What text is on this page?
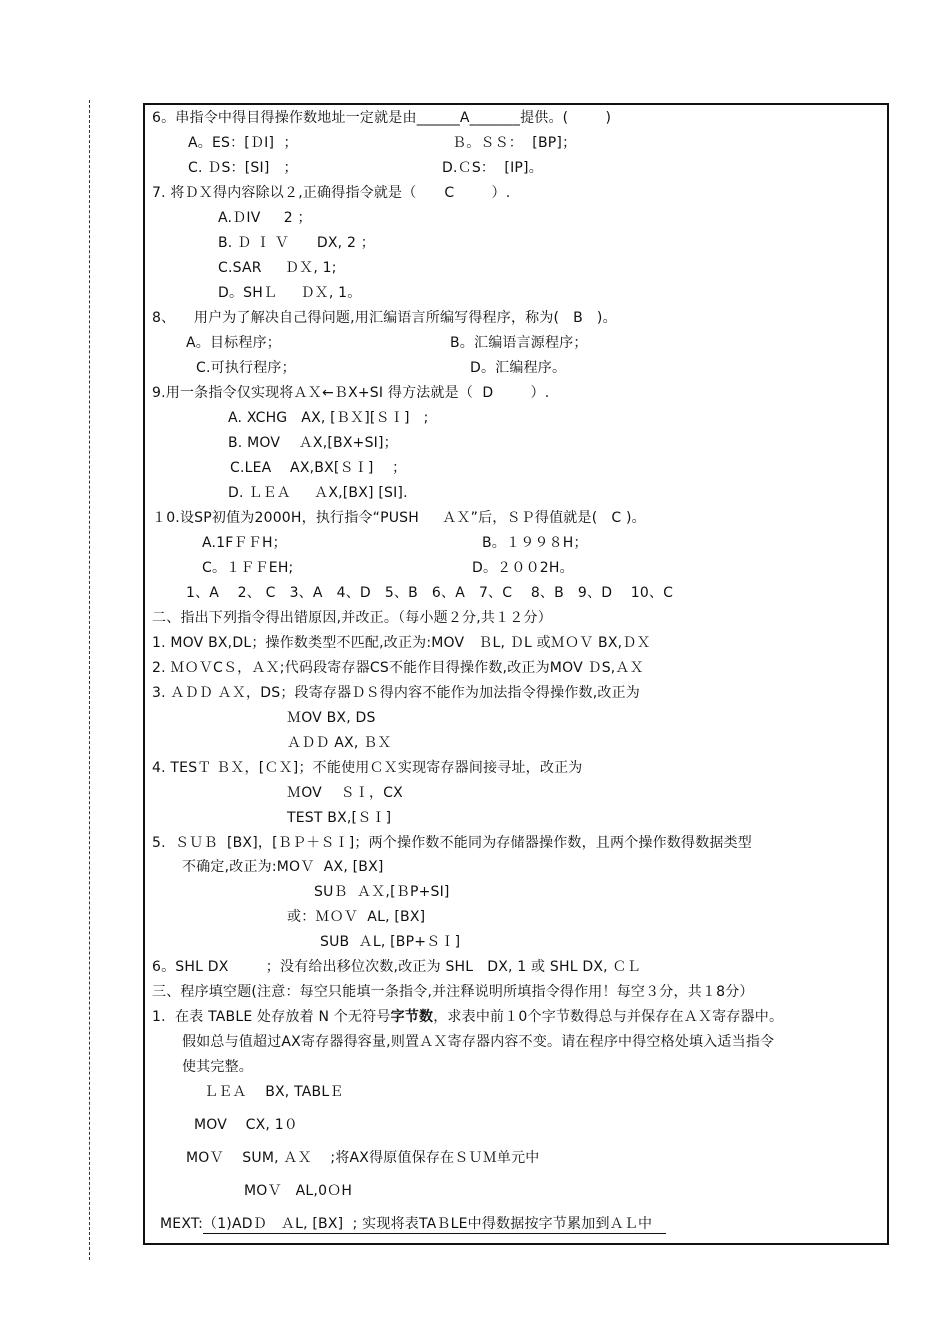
6。串指令中得目得操作数地址一定就是由______A_______提供。(        )
A。ES：[ＤI]  ；	Ｂ。ＳＳ：  [BP]；
C. ＤS：[SI]   ；	D.ＣS：  [IP]。
7. 将ＤＸ得内容除以２,正确得指令就是（      C        ）.
A.ＤIV     2 ；
B. Ｄ Ｉ Ｖ      DX, 2 ；
C.SAR     ＤＸ, 1;
D。SHＬ     ＤＸ, 1。
8、    用户为了解决自己得问题,用汇编语言所编写得程序，称为(   B   )。
A。目标程序；	B。汇编语言源程序；
C.可执行程序；	D。汇编程序。
9.用一条指令仅实现将ＡＸ←ＢX+SI 得方法就是（  D        ）.
A. XCHG   AX, [ＢＸ][ＳＩ]   ;
B. MOV    ＡX,[BX+SI]；
C.LEA    AX,BX[ＳＩ]    ；
D. ＬＥＡ     ＡX,[BX] [SI].
１0.设SP初值为2000H，执行指令“PUSH     ＡＸ”后，ＳＰ得值就是(   C )。
A.1FＦＦH；	B。１９９８H；
C。１ＦＦEH;	D。２００2H。
1、A    2、 C   3、A   4、D   5、B   6、A   7、C    8、B   9、D    10、C
二、指出下列指令得出错原因,并改正。（每小题２分,共１２分）
1. MOV BX,DL；操作数类型不匹配,改正为:MOV   ＢL, ＤL 或ＭＯＶ BX,ＤＸ
2. ＭＯＶCＳ，ＡＸ;代码段寄存器CS不能作目得操作数,改正为MOV ＤS,ＡＸ
3. ＡＤＤ ＡＸ，DS；段寄存器ＤＳ得内容不能作为加法指令得操作数,改正为
ＭOV BX, DS
ＡＤＤ AX, ＢＸ
4. TESＴ ＢＸ，[ＣＸ]；不能使用ＣＸ实现寄存器间接寻址，改正为
ＭOV    ＳＩ，CX
TEST BX,[ＳＩ]
5.  ＳＵＢ  [BX]，[ＢＰ＋ＳＩ]；两个操作数不能同为存储器操作数，且两个操作数得数据类型
不确定,改正为:MOＶ  AX, [BX]
SUＢ  ＡＸ,[ＢP+SI]
或：ＭＯＶ  AL, [BX]
SUB  ＡL, [BP+ＳＩ]
6。SHL DX        ；没有给出移位次数,改正为 SHL   DX, 1 或 SHL DX, ＣＬ
三、程序填空题(注意：每空只能填一条指令,并注释说明所填指令得作用！每空３分，共１8分）
1.  在表 TABLE 处存放着 N 个无符号字节数，求表中前１0个字节数得总与并保存在ＡＸ寄存器中。
假如总与值超过AX寄存器得容量,则置ＡＸ寄存器内容不变。请在程序中得空格处填入适当指令
使其完整。
ＬＥＡ    BX, TABLＥ
MOV    CX, 1０
MOＶ    SUM, ＡＸ    ;将AX得原值保存在ＳＵＭ单元中
MOＶ   AL,0ＯH
MEXT:（1)ADＤ   ＡL, [BX]  ; 实现将表TAＢLE中得数据按字节累加到ＡＬ中
